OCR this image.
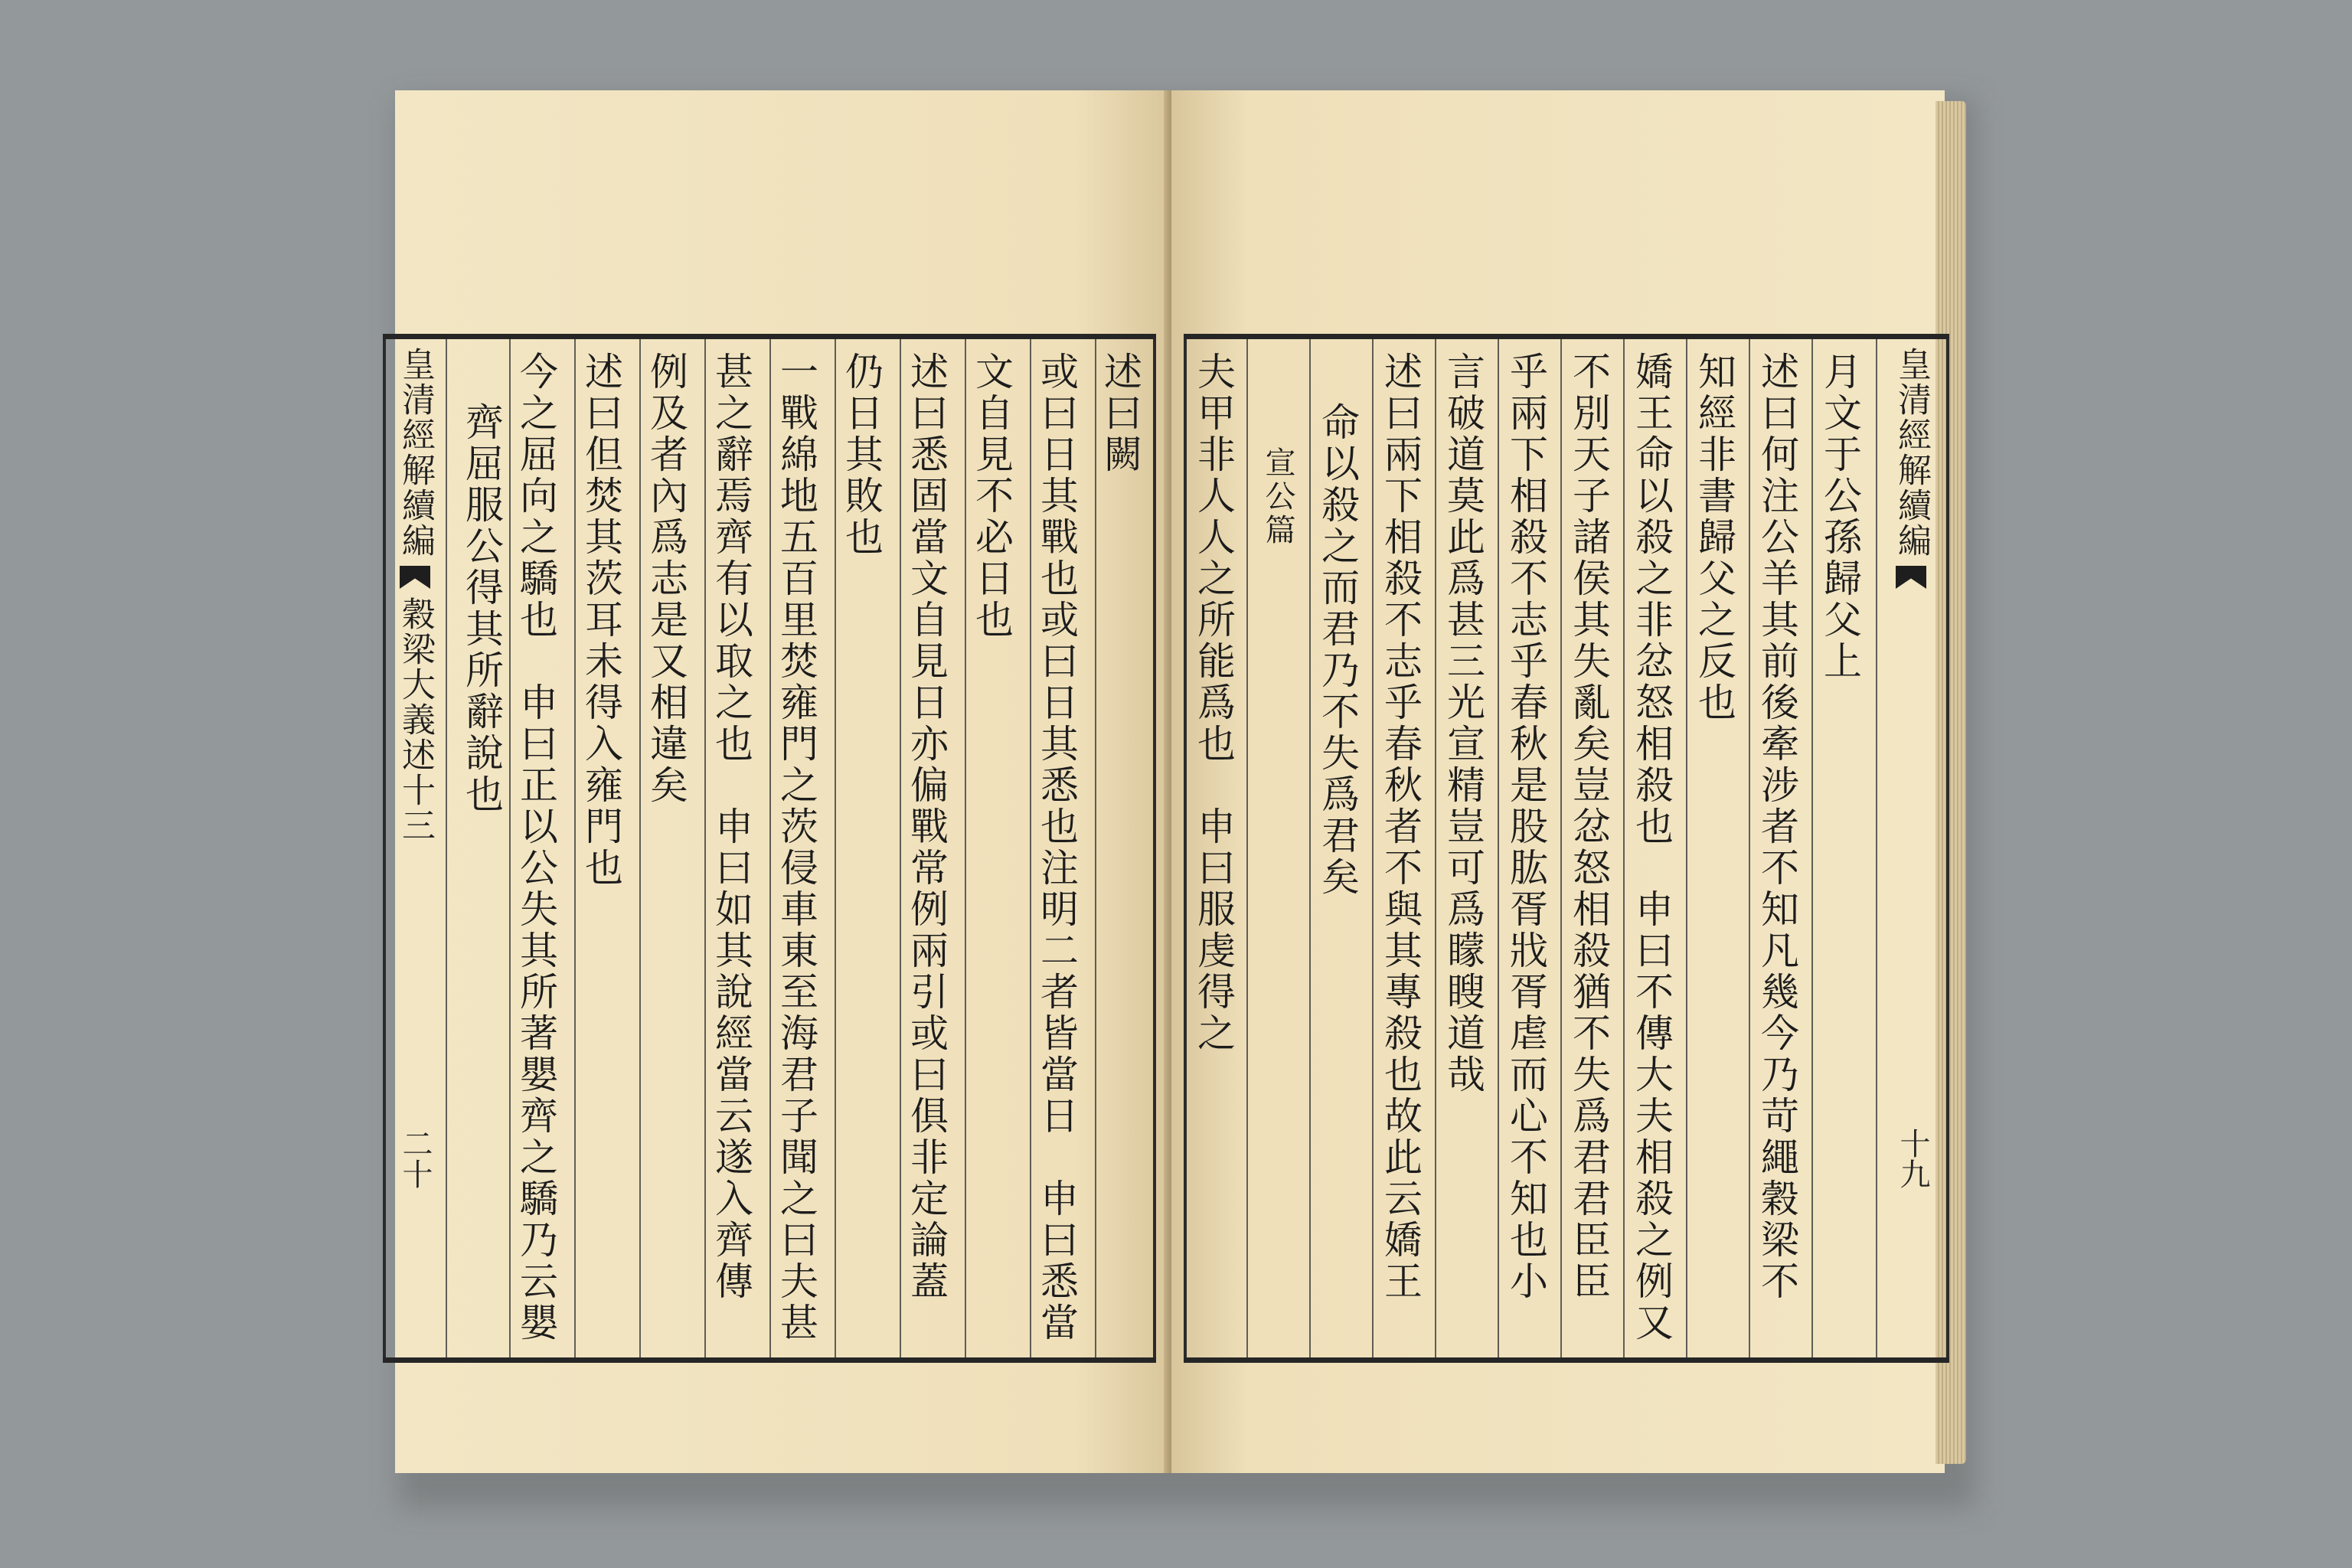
皇清經解續編穀梁大義述十三
二十
述曰闕
或曰日其戰也或曰日其悉也注明二者皆當日　申曰悉當
文自見不必日也
述曰悉固當文自見日亦偏戰常例兩引或曰俱非定論蓋
仍日其敗也
一戰綿地五百里焚雍門之茨侵車東至海君子聞之曰夫甚
甚之辭焉齊有以取之也　申曰如其說經當云遂入齊傳
例及者內爲志是又相違矣
述曰但焚其茨耳未得入雍門也
今之屈向之驕也　申曰正以公失其所著嬰齊之驕乃云嬰
齊屈服公得其所辭說也	月文于公孫歸父上
述曰何注公羊其前後牽涉者不知凡幾今乃苛繩穀梁不
知經非書歸父之反也
嬌王命以殺之非忿怒相殺也　申曰不傳大夫相殺之例又
不別天子諸侯其失亂矣豈忿怒相殺猶不失爲君君臣臣
乎兩下相殺不志乎春秋是股肱胥戕胥虐而心不知也小
言破道莫此爲甚三光宣精豈可爲矇瞍道哉
述曰兩下相殺不志乎春秋者不與其專殺也故此云嬌王
命以殺之而君乃不失爲君矣
宣公篇
夫甲非人人之所能爲也　申曰服虔得之	皇清經解續編
十九
